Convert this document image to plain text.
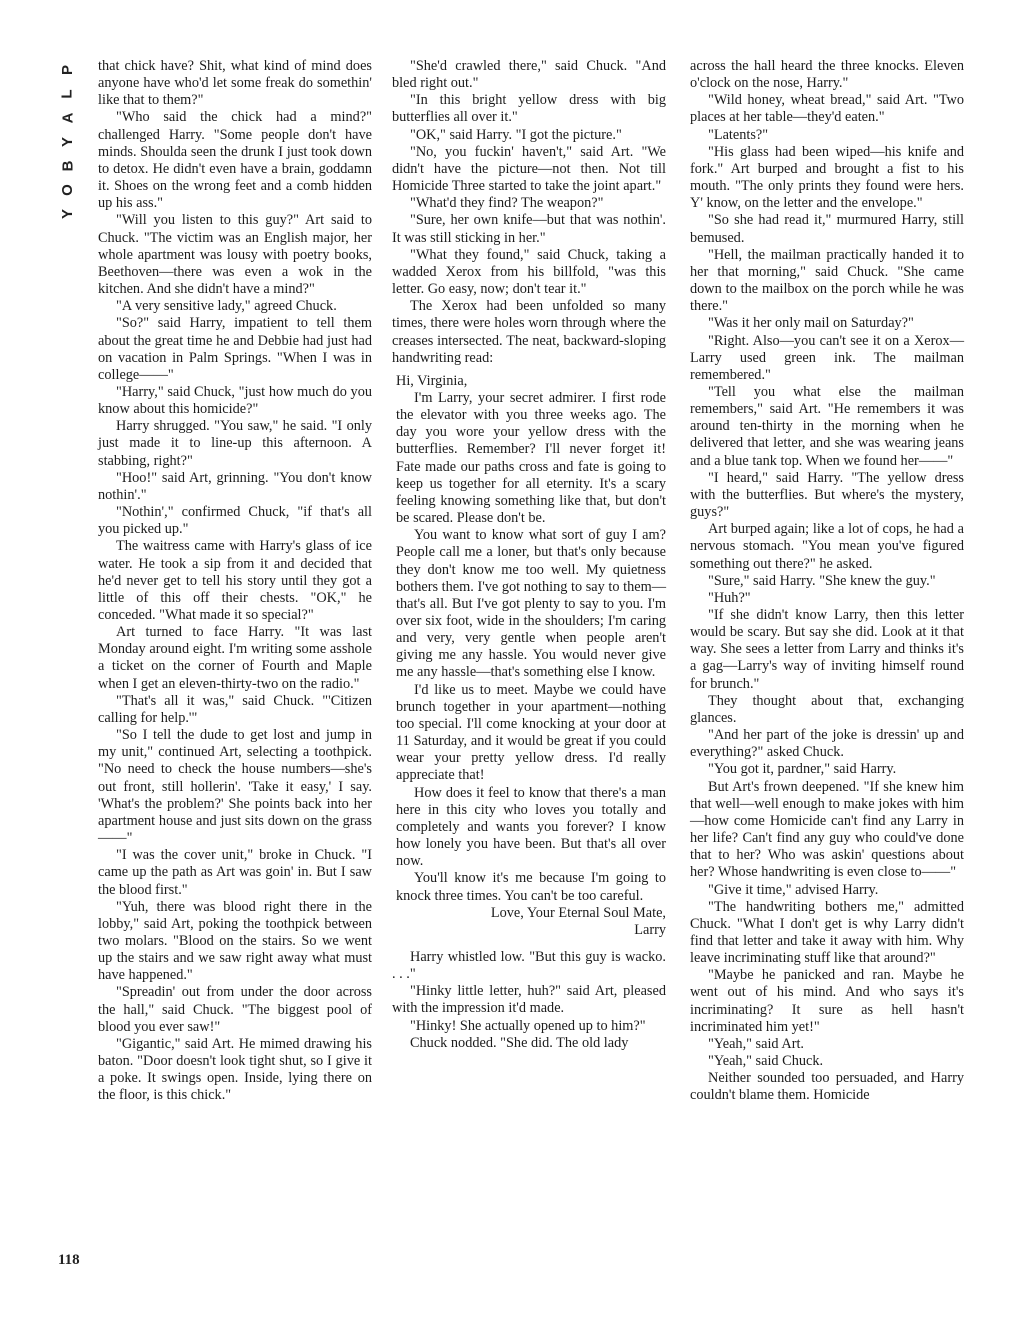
P
L
A
Y
B
O
Y

that chick have? Shit, what kind of mind does anyone have who'd let some freak do somethin' like that to them?"

"Who said the chick had a mind?" challenged Harry. "Some people don't have minds. Shoulda seen the drunk I just took down to detox. He didn't even have a brain, goddamn it. Shoes on the wrong feet and a comb hidden up his ass."

"Will you listen to this guy?" Art said to Chuck. "The victim was an English major, her whole apartment was lousy with poetry books, Beethoven—there was even a wok in the kitchen. And she didn't have a mind?"

"A very sensitive lady," agreed Chuck.

"So?" said Harry, impatient to tell them about the great time he and Debbie had just had on vacation in Palm Springs. "When I was in college——"

"Harry," said Chuck, "just how much do you know about this homicide?"

Harry shrugged. "You saw," he said. "I only just made it to line-up this afternoon. A stabbing, right?"

"Hoo!" said Art, grinning. "You don't know nothin'."

"Nothin'," confirmed Chuck, "if that's all you picked up."

The waitress came with Harry's glass of ice water. He took a sip from it and decided that he'd never get to tell his story until they got a little of this off their chests. "OK," he conceded. "What made it so special?"

Art turned to face Harry. "It was last Monday around eight. I'm writing some asshole a ticket on the corner of Fourth and Maple when I get an eleven-thirty-two on the radio."

"That's all it was," said Chuck. "'Citizen calling for help.'"

"So I tell the dude to get lost and jump in my unit," continued Art, selecting a toothpick. "No need to check the house numbers—she's out front, still hollerin'. 'Take it easy,' I say. 'What's the problem?' She points back into her apartment house and just sits down on the grass——"

"I was the cover unit," broke in Chuck. "I came up the path as Art was goin' in. But I saw the blood first."

"Yuh, there was blood right there in the lobby," said Art, poking the toothpick between two molars. "Blood on the stairs. So we went up the stairs and we saw right away what must have happened."

"Spreadin' out from under the door across the hall," said Chuck. "The biggest pool of blood you ever saw!"

"Gigantic," said Art. He mimed drawing his baton. "Door doesn't look tight shut, so I give it a poke. It swings open. Inside, lying there on the floor, is this chick."

"She'd crawled there," said Chuck. "And bled right out."

"In this bright yellow dress with big butterflies all over it."

"OK," said Harry. "I got the picture."

"No, you fuckin' haven't," said Art. "We didn't have the picture—not then. Not till Homicide Three started to take the joint apart."

"What'd they find? The weapon?"

"Sure, her own knife—but that was nothin'. It was still sticking in her."

"What they found," said Chuck, taking a wadded Xerox from his billfold, "was this letter. Go easy, now; don't tear it."

The Xerox had been unfolded so many times, there were holes worn through where the creases intersected. The neat, backward-sloping handwriting read:

Hi, Virginia,

I'm Larry, your secret admirer. I first rode the elevator with you three weeks ago. The day you wore your yellow dress with the butterflies. Remember? I'll never forget it! Fate made our paths cross and fate is going to keep us together for all eternity. It's a scary feeling knowing something like that, but don't be scared. Please don't be.

You want to know what sort of guy I am? People call me a loner, but that's only because they don't know me too well. My quietness bothers them. I've got nothing to say to them—that's all. But I've got plenty to say to you. I'm over six foot, wide in the shoulders; I'm caring and very, very gentle when people aren't giving me any hassle. You would never give me any hassle—that's something else I know.

I'd like us to meet. Maybe we could have brunch together in your apartment—nothing too special. I'll come knocking at your door at 11 Saturday, and it would be great if you could wear your pretty yellow dress. I'd really appreciate that!

How does it feel to know that there's a man here in this city who loves you totally and completely and wants you forever? I know how lonely you have been. But that's all over now.

You'll know it's me because I'm going to knock three times. You can't be too careful.

Love, Your Eternal Soul Mate,

Larry

Harry whistled low. "But this guy is wacko. . . ."

"Hinky little letter, huh?" said Art, pleased with the impression it'd made.

"Hinky! She actually opened up to him?"

Chuck nodded. "She did. The old lady

across the hall heard the three knocks. Eleven o'clock on the nose, Harry."

"Wild honey, wheat bread," said Art. "Two places at her table—they'd eaten."

"Latents?"

"His glass had been wiped—his knife and fork." Art burped and brought a fist to his mouth. "The only prints they found were hers. Y' know, on the letter and the envelope."

"So she had read it," murmured Harry, still bemused.

"Hell, the mailman practically handed it to her that morning," said Chuck. "She came down to the mailbox on the porch while he was there."

"Was it her only mail on Saturday?"

"Right. Also—you can't see it on a Xerox—Larry used green ink. The mailman remembered."

"Tell you what else the mailman remembers," said Art. "He remembers it was around ten-thirty in the morning when he delivered that letter, and she was wearing jeans and a blue tank top. When we found her——"

"I heard," said Harry. "The yellow dress with the butterflies. But where's the mystery, guys?"

Art burped again; like a lot of cops, he had a nervous stomach. "You mean you've figured something out there?" he asked.

"Sure," said Harry. "She knew the guy."

"Huh?"

"If she didn't know Larry, then this letter would be scary. But say she did. Look at it that way. She sees a letter from Larry and thinks it's a gag—Larry's way of inviting himself round for brunch."

They thought about that, exchanging glances.

"And her part of the joke is dressin' up and everything?" asked Chuck.

"You got it, pardner," said Harry.

But Art's frown deepened. "If she knew him that well—well enough to make jokes with him—how come Homicide can't find any Larry in her life? Can't find any guy who could've done that to her? Who was askin' questions about her? Whose handwriting is even close to——"

"Give it time," advised Harry.

"The handwriting bothers me," admitted Chuck. "What I don't get is why Larry didn't find that letter and take it away with him. Why leave incriminating stuff like that around?"

"Maybe he panicked and ran. Maybe he went out of his mind. And who says it's incriminating? It sure as hell hasn't incriminated him yet!"

"Yeah," said Art.

"Yeah," said Chuck.

Neither sounded too persuaded, and Harry couldn't blame them. Homicide

118
